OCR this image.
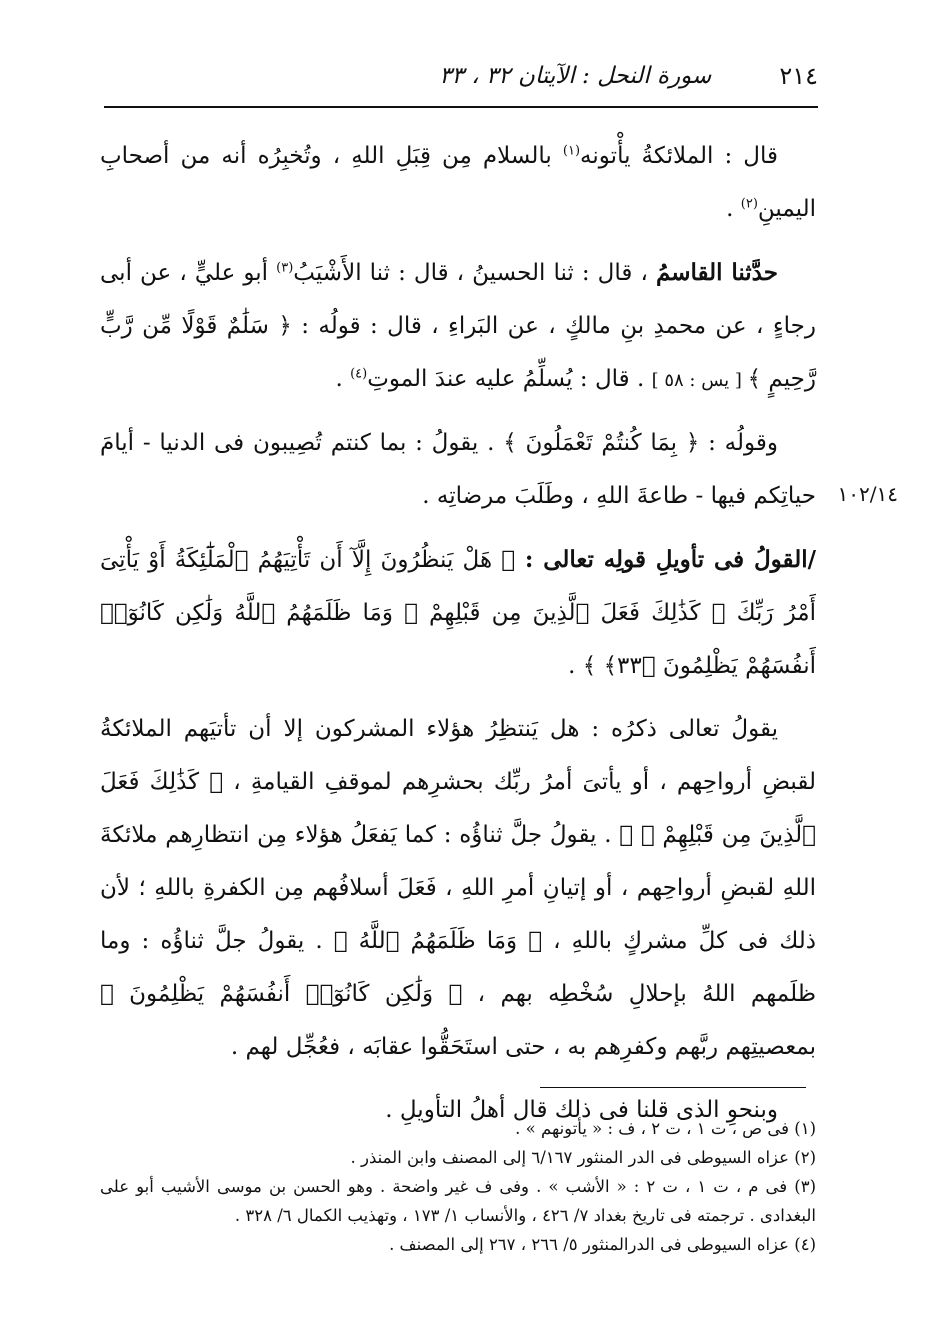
٢١٤
سورة النحل : الآيتان ٣٢ ، ٣٣
١٠٢/١٤

قال : الملائكةُ يأْتونه$^{(١)}$ بالسلام مِن قِبَلِ اللهِ ، وتُخبِرُه أنه من أصحابِ اليمينِ$^{(٢)}$ .

حدَّثنا القاسمُ ، قال : ثنا الحسينُ ، قال : ثنا الأَشْيَبُ$^{(٣)}$ أبو عليٍّ ، عن أبى رجاءٍ ، عن محمدِ بنِ مالكٍ ، عن البَراءِ ، قال : قولُه : ﴿ سَلَٰمٌ قَوْلًا مِّن رَّبٍّ رَّحِيمٍ ﴾ [ يس : ٥٨ ] . قال : يُسلِّمُ عليه عندَ الموتِ$^{(٤)}$ .

وقولُه : ﴿ بِمَا كُنتُمْ تَعْمَلُونَ ﴾ . يقولُ : بما كنتم تُصِيبون فى الدنيا - أيامَ حياتِكم فيها - طاعةَ اللهِ ، وطَلَبَ مرضاتِه .

/القولُ فى تأويلِ قولِه تعالى : ﴿ هَلْ يَنظُرُونَ إِلَّآ أَن تَأْتِيَهُمُ ٱلْمَلَٰٓئِكَةُ أَوْ يَأْتِىَ أَمْرُ رَبِّكَ ۚ كَذَٰلِكَ فَعَلَ ٱلَّذِينَ مِن قَبْلِهِمْ ۚ وَمَا ظَلَمَهُمُ ٱللَّهُ وَلَٰكِن كَانُوٓا۟ أَنفُسَهُمْ يَظْلِمُونَ ﴿٣٣﴾ ﴾ .

يقولُ تعالى ذكرُه : هل يَنتظِرُ هؤلاء المشركون إلا أن تأتيَهم الملائكةُ لقبضِ أرواحِهم ، أو يأتىَ أمرُ ربِّك بحشرِهم لموقفِ القيامةِ ، ﴿ كَذَٰلِكَ فَعَلَ ٱلَّذِينَ مِن قَبْلِهِمْ ۚ ﴾ . يقولُ جلَّ ثناؤُه : كما يَفعَلُ هؤلاء مِن انتظارِهم ملائكةَ اللهِ لقبضِ أرواحِهم ، أو إتيانِ أمرِ اللهِ ، فَعَلَ أسلافُهم مِن الكفرةِ باللهِ ؛ لأن ذلك فى كلِّ مشركٍ باللهِ ، ﴿ وَمَا ظَلَمَهُمُ ٱللَّهُ ﴾ . يقولُ جلَّ ثناؤُه : وما ظلَمهم اللهُ بإحلالِ سُخْطِه بهم ، ﴿ وَلَٰكِن كَانُوٓا۟ أَنفُسَهُمْ يَظْلِمُونَ ﴾ بمعصيتِهم ربَّهم وكفرِهم به ، حتى استَحَقُّوا عقابَه ، فعُجِّل لهم .

وبنحوِ الذى قلنا فى ذلك قال أهلُ التأويلِ .

(١) فى ص ، ت ١ ، ت ٢ ، ف : « يأتونهم » .

(٢) عزاه السيوطى فى الدر المنثور ٦/١٦٧ إلى المصنف وابن المنذر .

(٣) فى م ، ت ١ ، ت ٢ : « الأشب » . وفى ف غير واضحة . وهو الحسن بن موسى الأشيب أبو على البغدادى . ترجمته فى تاريخ بغداد ٧/ ٤٢٦ ، والأنساب ١/ ١٧٣ ، وتهذيب الكمال ٦/ ٣٢٨ .

(٤) عزاه السيوطى فى الدرالمنثور ٥/ ٢٦٦ ، ٢٦٧ إلى المصنف .
